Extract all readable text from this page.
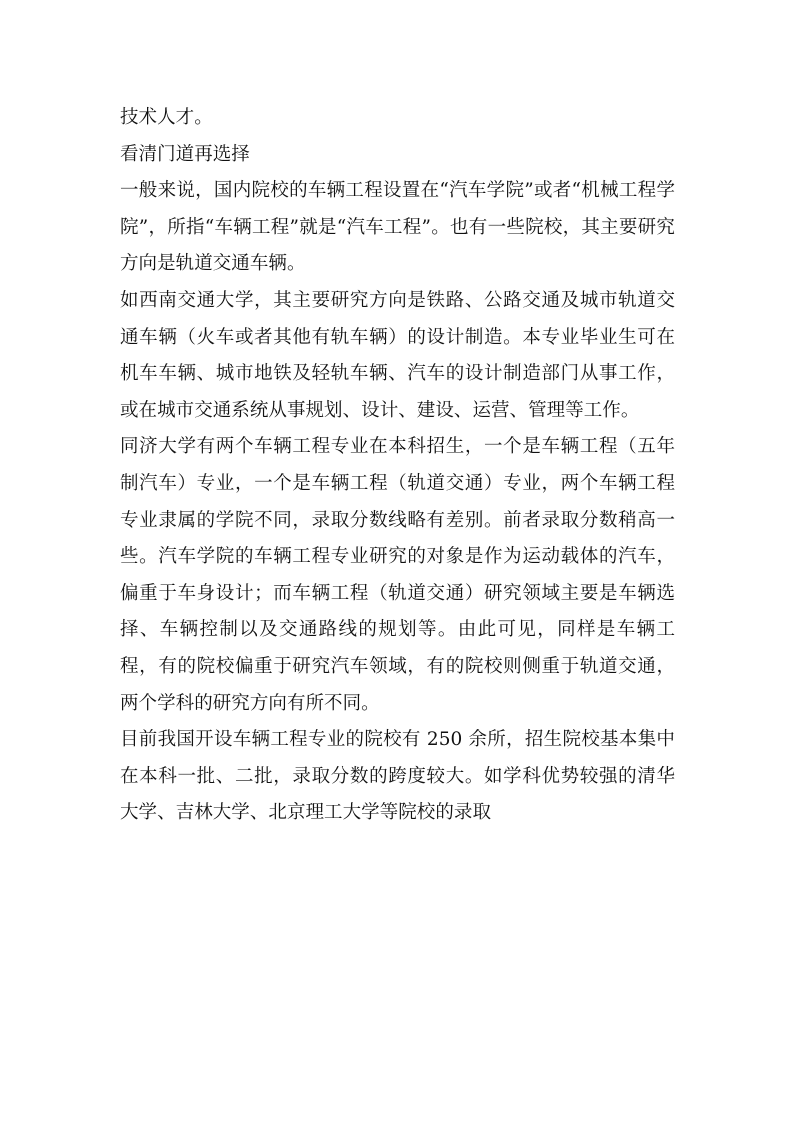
技术人才。

看清门道再选择

一般来说，国内院校的车辆工程设置在“汽车学院”或者“机械工程学院”，所指“车辆工程”就是“汽车工程”。也有一些院校，其主要研究方向是轨道交通车辆。

如西南交通大学，其主要研究方向是铁路、公路交通及城市轨道交通车辆（火车或者其他有轨车辆）的设计制造。本专业毕业生可在机车车辆、城市地铁及轻轨车辆、汽车的设计制造部门从事工作，或在城市交通系统从事规划、设计、建设、运营、管理等工作。

同济大学有两个车辆工程专业在本科招生，一个是车辆工程（五年制汽车）专业，一个是车辆工程（轨道交通）专业，两个车辆工程专业隶属的学院不同，录取分数线略有差别。前者录取分数稍高一些。汽车学院的车辆工程专业研究的对象是作为运动载体的汽车，偏重于车身设计；而车辆工程（轨道交通）研究领域主要是车辆选择、车辆控制以及交通路线的规划等。由此可见，同样是车辆工程，有的院校偏重于研究汽车领域，有的院校则侧重于轨道交通，两个学科的研究方向有所不同。

目前我国开设车辆工程专业的院校有 250 余所，招生院校基本集中在本科一批、二批，录取分数的跨度较大。如学科优势较强的清华大学、吉林大学、北京理工大学等院校的录取
